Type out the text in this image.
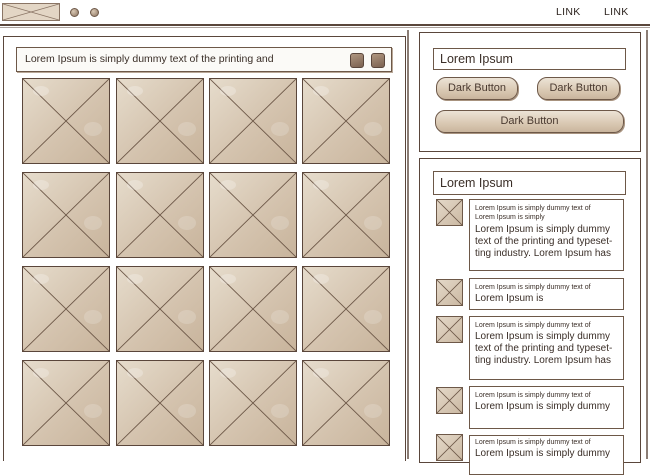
LINK LINK
Lorem Ipsum is simply dummy text of the printing and	Lorem Ipsum
Dark Button	Dark Button
Dark Button
Lorem Ipsum
Lorem Ipsum is simply dummy text of
Lorem Ipsum is simply
Lorem Ipsum is simply dummy text of the printing and typeset-ting industry. Lorem Ipsum has
Lorem Ipsum is simply dummy text of
Lorem Ipsum is
Lorem Ipsum is simply dummy text of
Lorem Ipsum is simply dummy text of the printing and typeset-ting industry. Lorem Ipsum has
Lorem Ipsum is simply dummy text of
Lorem Ipsum is simply dummy
Lorem Ipsum is simply dummy text of
Lorem Ipsum is simply dummy
